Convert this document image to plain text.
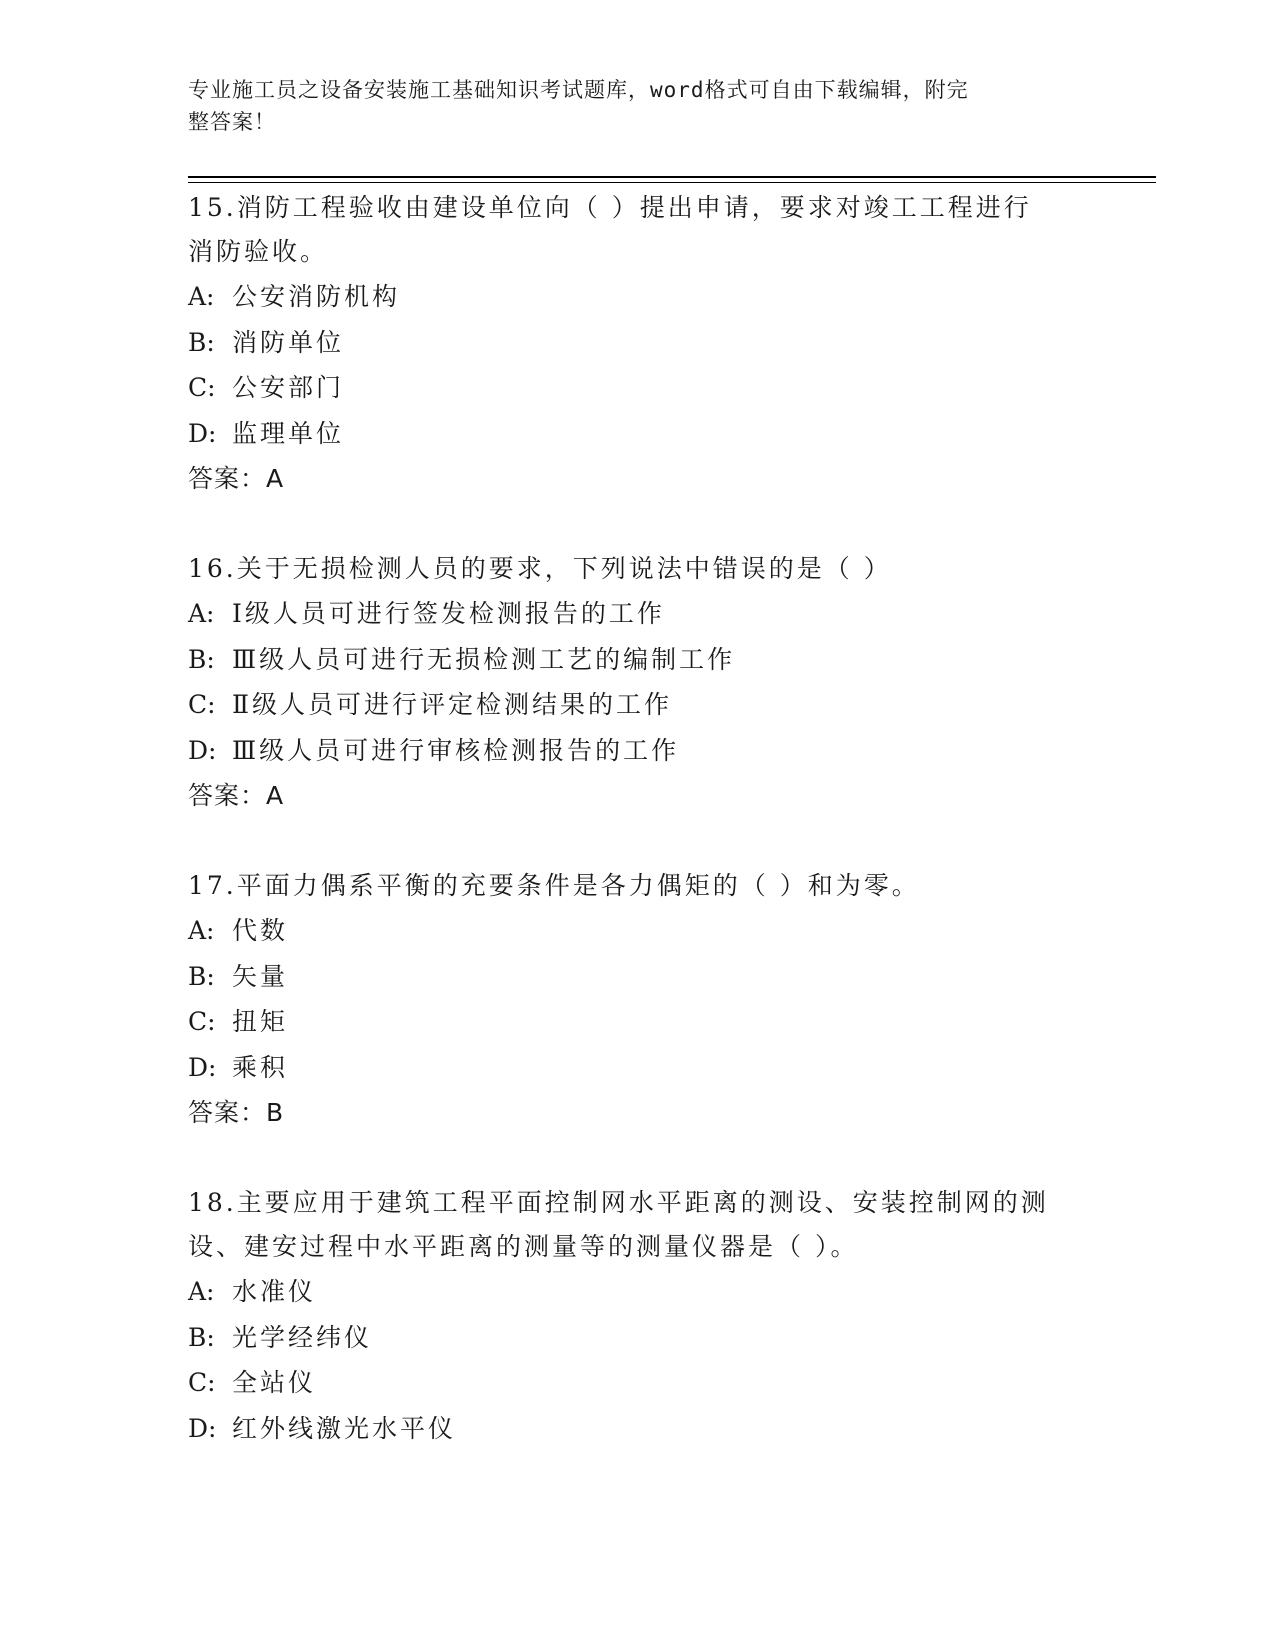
专业施工员之设备安装施工基础知识考试题库，word格式可自由下载编辑，附完
整答案！

15.消防工程验收由建设单位向（ ）提出申请，要求对竣工工程进行

消防验收。

A: 公安消防机构

B: 消防单位

C: 公安部门

D: 监理单位

答案：A

16.关于无损检测人员的要求，下列说法中错误的是（ ）

A: Ⅰ级人员可进行签发检测报告的工作

B: Ⅲ级人员可进行无损检测工艺的编制工作

C: Ⅱ级人员可进行评定检测结果的工作

D: Ⅲ级人员可进行审核检测报告的工作

答案：A

17.平面力偶系平衡的充要条件是各力偶矩的（ ）和为零。

A: 代数

B: 矢量

C: 扭矩

D: 乘积

答案：B

18.主要应用于建筑工程平面控制网水平距离的测设、安装控制网的测

设、建安过程中水平距离的测量等的测量仪器是（ ）。

A: 水准仪

B: 光学经纬仪

C: 全站仪

D: 红外线激光水平仪
